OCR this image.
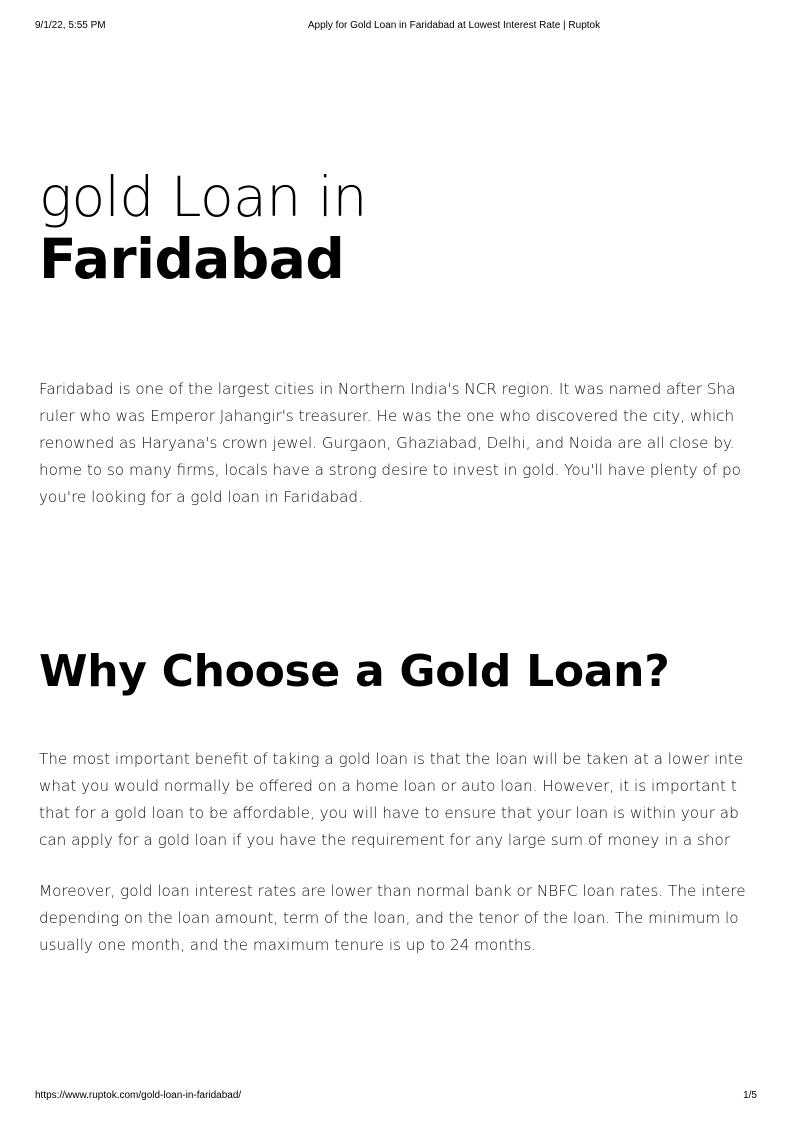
9/1/22, 5:55 PM	Apply for Gold Loan in Faridabad at Lowest Interest Rate | Ruptok
gold Loan in
Faridabad

Faridabad is one of the largest cities in Northern India's NCR region. It was named after Sha
ruler who was Emperor Jahangir's treasurer. He was the one who discovered the city, which
renowned as Haryana's crown jewel. Gurgaon, Ghaziabad, Delhi, and Noida are all close by.
home to so many firms, locals have a strong desire to invest in gold. You'll have plenty of po
you're looking for a gold loan in Faridabad.

Why Choose a Gold Loan?

The most important benefit of taking a gold loan is that the loan will be taken at a lower inte
what you would normally be offered on a home loan or auto loan. However, it is important t
that for a gold loan to be affordable, you will have to ensure that your loan is within your ab
can apply for a gold loan if you have the requirement for any large sum of money in a shor

Moreover, gold loan interest rates are lower than normal bank or NBFC loan rates. The intere
depending on the loan amount, term of the loan, and the tenor of the loan. The minimum lo
usually one month, and the maximum tenure is up to 24 months.

https://www.ruptok.com/gold-loan-in-faridabad/	1/5
